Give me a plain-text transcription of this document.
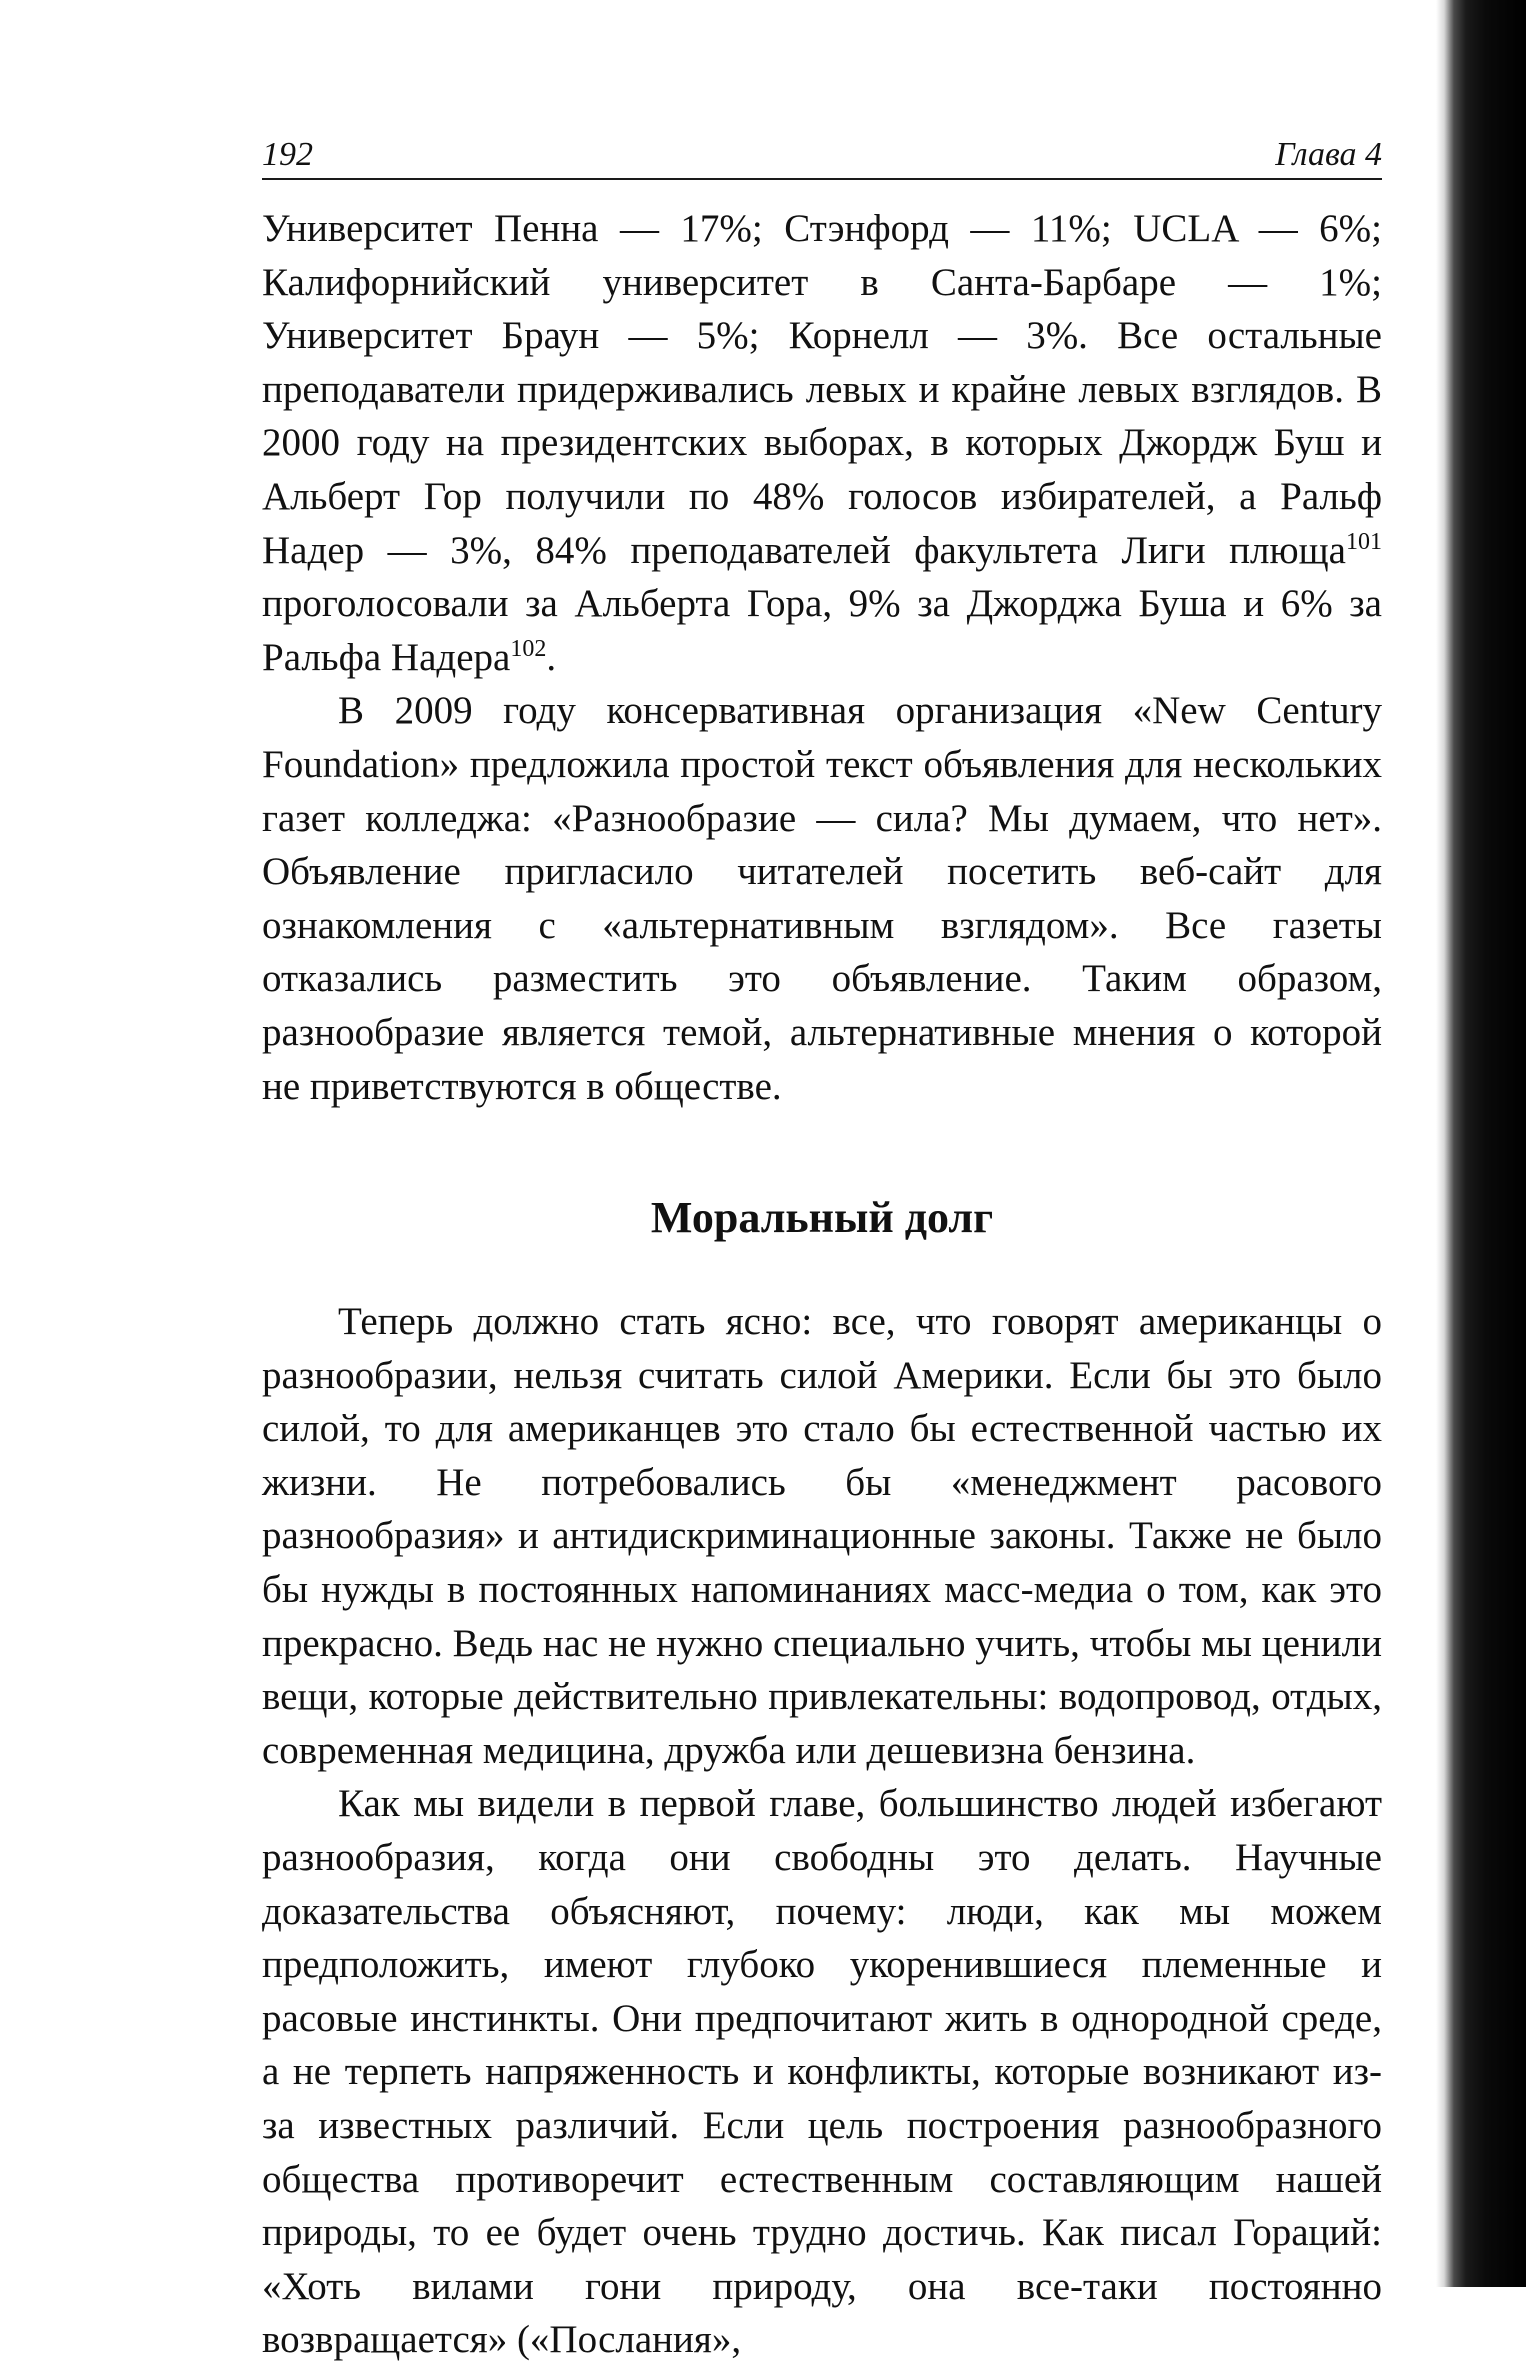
192	Глава 4

Университет Пенна — 17%; Стэнфорд — 11%; UCLA — 6%; Калифорнийский университет в Санта-Барбаре — 1%; Университет Браун — 5%; Корнелл — 3%. Все остальные преподаватели придерживались левых и крайне левых взглядов. В 2000 году на президентских выборах, в которых Джордж Буш и Альберт Гор получили по 48% голосов избирателей, а Ральф Надер — 3%, 84% преподавателей факультета Лиги плюща$^{101}$ проголосовали за Альберта Гора, 9% за Джорджа Буша и 6% за Ральфа Надера$^{102}$.

В 2009 году консервативная организация «New Century Foundation» предложила простой текст объявления для нескольких газет колледжа: «Разнообразие — сила? Мы думаем, что нет». Объявление пригласило читателей посетить веб-сайт для ознакомления с «альтернативным взглядом». Все газеты отказались разместить это объявление. Таким образом, разнообразие является темой, альтернативные мнения о которой не приветствуются в обществе.

Моральный долг

Теперь должно стать ясно: все, что говорят американцы о разнообразии, нельзя считать силой Америки. Если бы это было силой, то для американцев это стало бы естественной частью их жизни. Не потребовались бы «менеджмент расового разнообразия» и антидискриминационные законы. Также не было бы нужды в постоянных напоминаниях масс-медиа о том, как это прекрасно. Ведь нас не нужно специально учить, чтобы мы ценили вещи, которые действительно привлекательны: водопровод, отдых, современная медицина, дружба или дешевизна бензина.

Как мы видели в первой главе, большинство людей избегают разнообразия, когда они свободны это делать. Научные доказательства объясняют, почему: люди, как мы можем предположить, имеют глубоко укоренившиеся племенные и расовые инстинкты. Они предпочитают жить в однородной среде, а не терпеть напряженность и конфликты, которые возникают из-за известных различий. Если цель построения разнообразного общества противоречит естественным составляющим нашей природы, то ее будет очень трудно достичь. Как писал Гораций: «Хоть вилами гони природу, она все-таки постоянно возвращается» («Послания»,
